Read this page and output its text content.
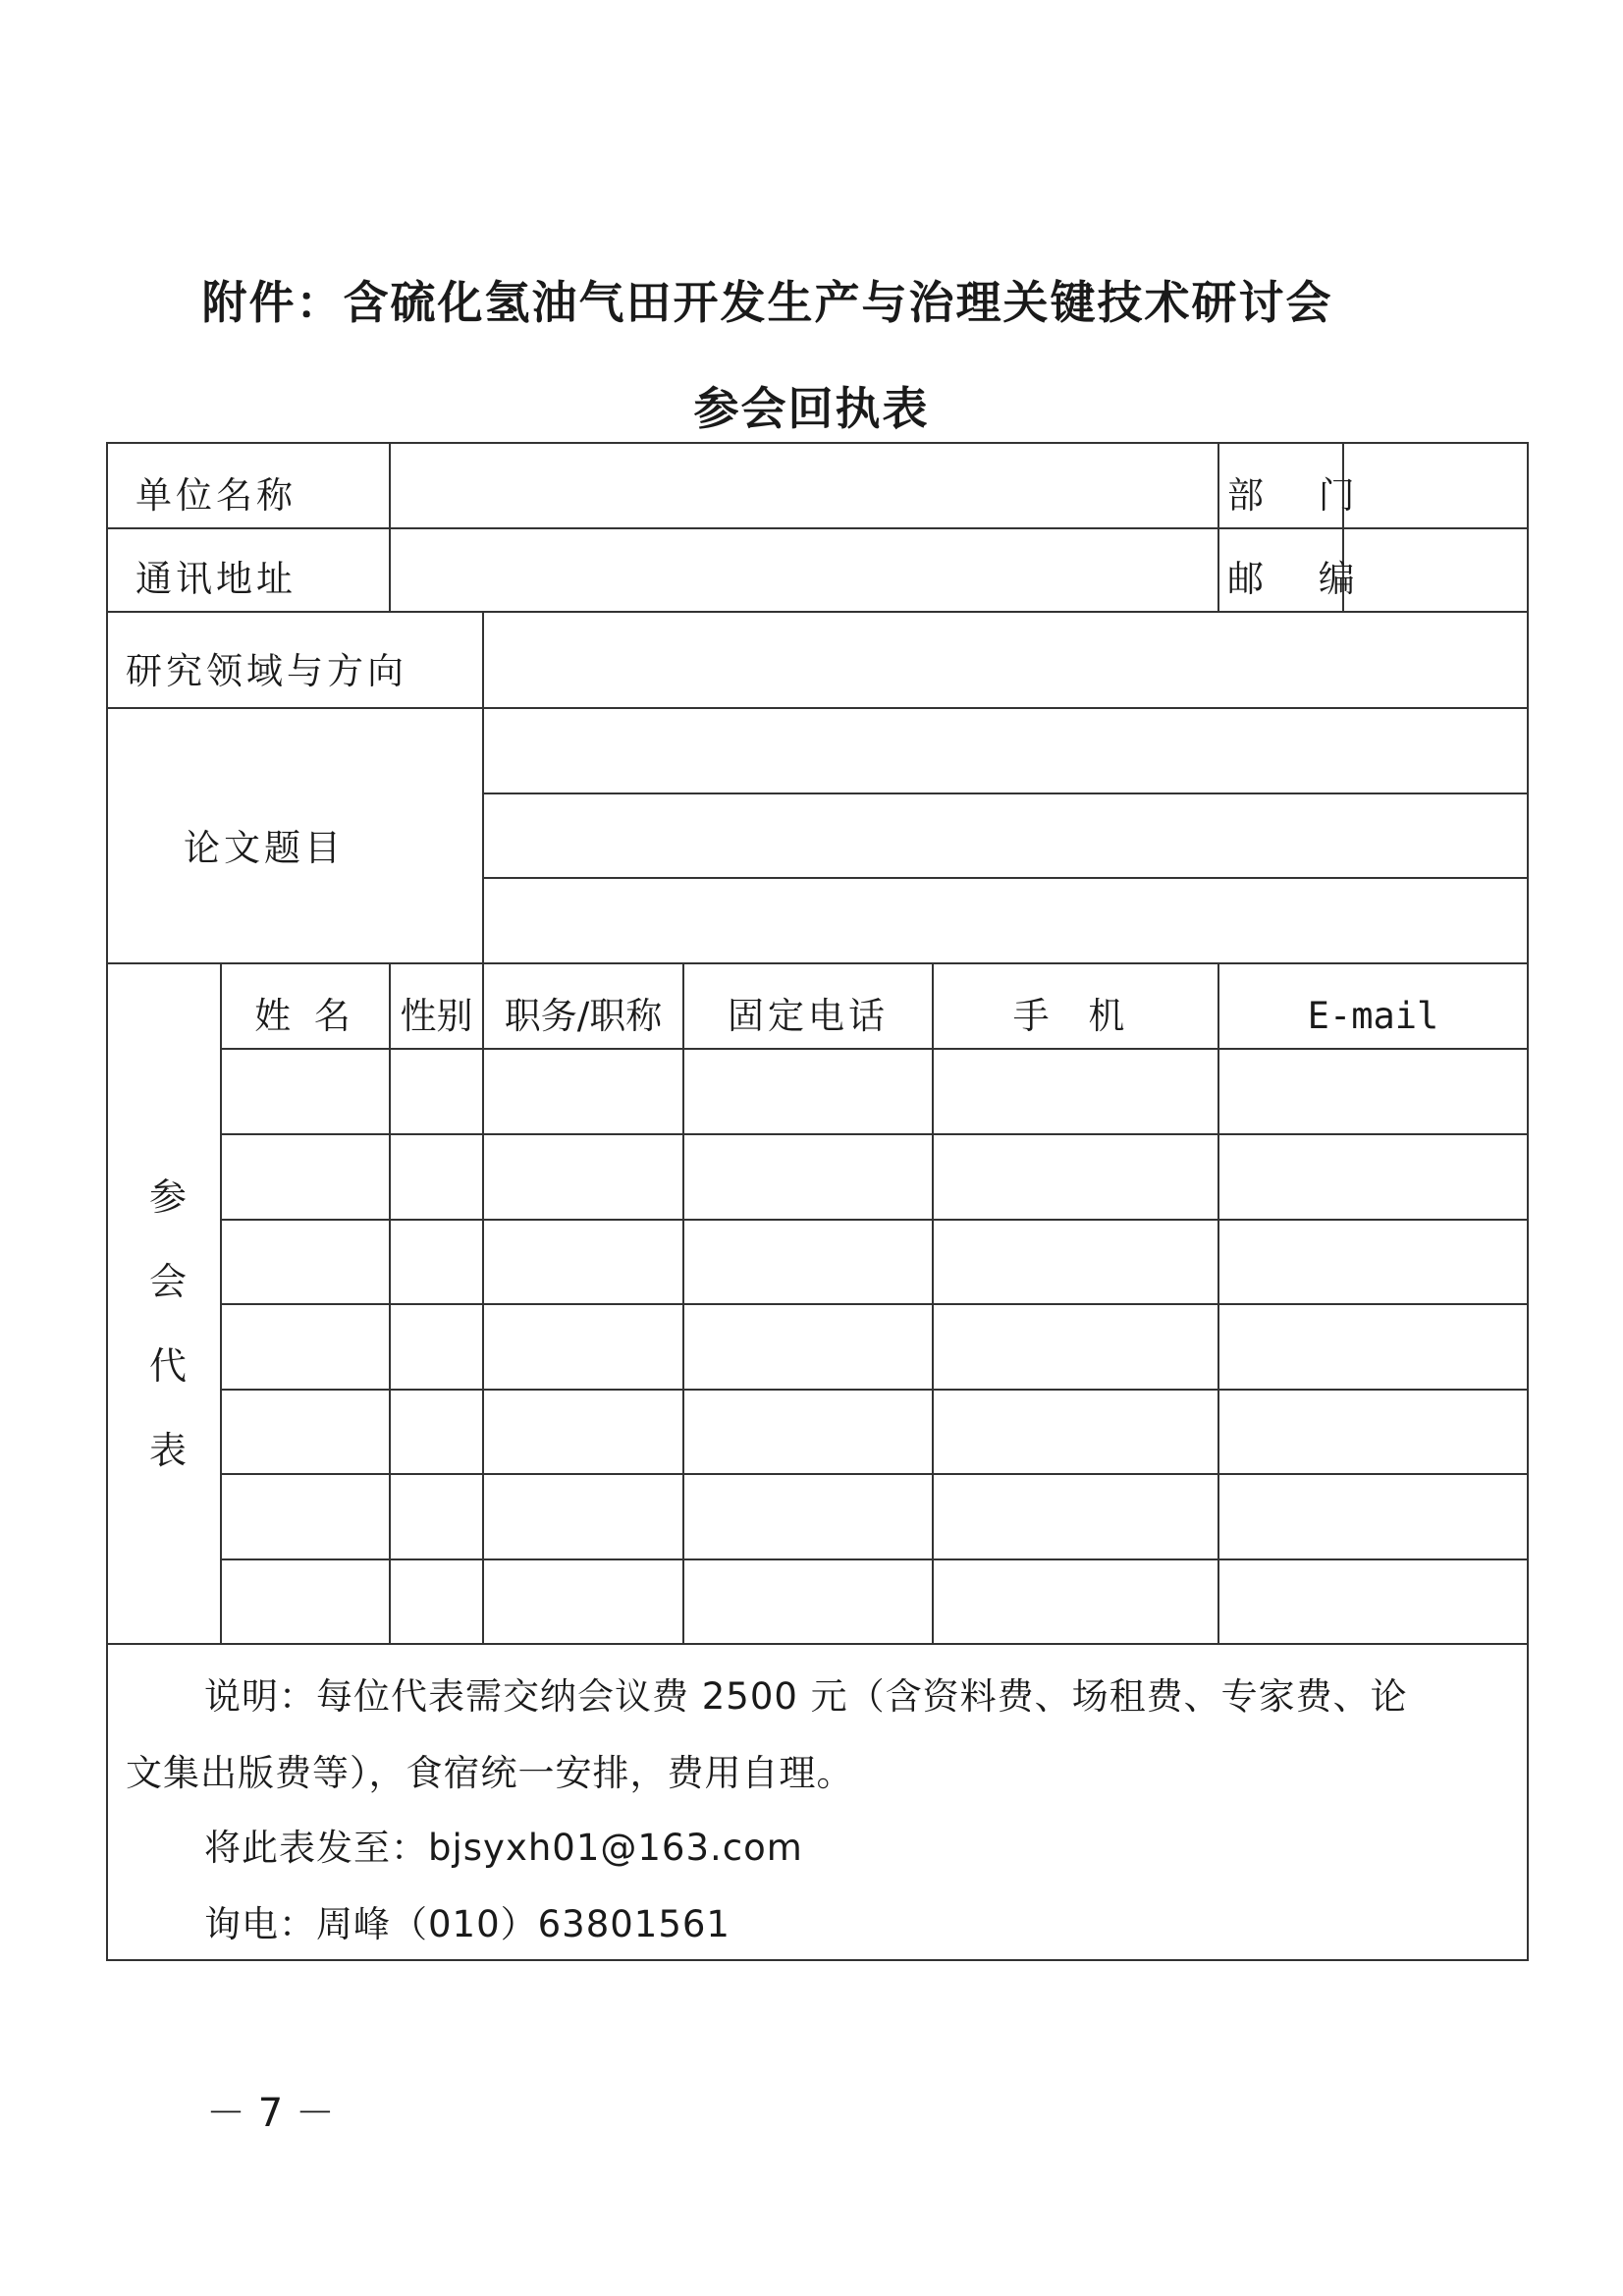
附件：含硫化氢油气田开发生产与治理关键技术研讨会
参会回执表
单位名称	部 门
通讯地址	邮 编
研究领域与方向
论文题目
参
会
代
表
姓 名	性别 职务/职称	固定电话	手 机	E-mail
说明：每位代表需交纳会议费 2500 元（含资料费、场租费、专家费、论
文集出版费等），食宿统一安排，费用自理。
将此表发至：bjsyxh01@163.com
询电：周峰（010）63801561
－ 7 －
